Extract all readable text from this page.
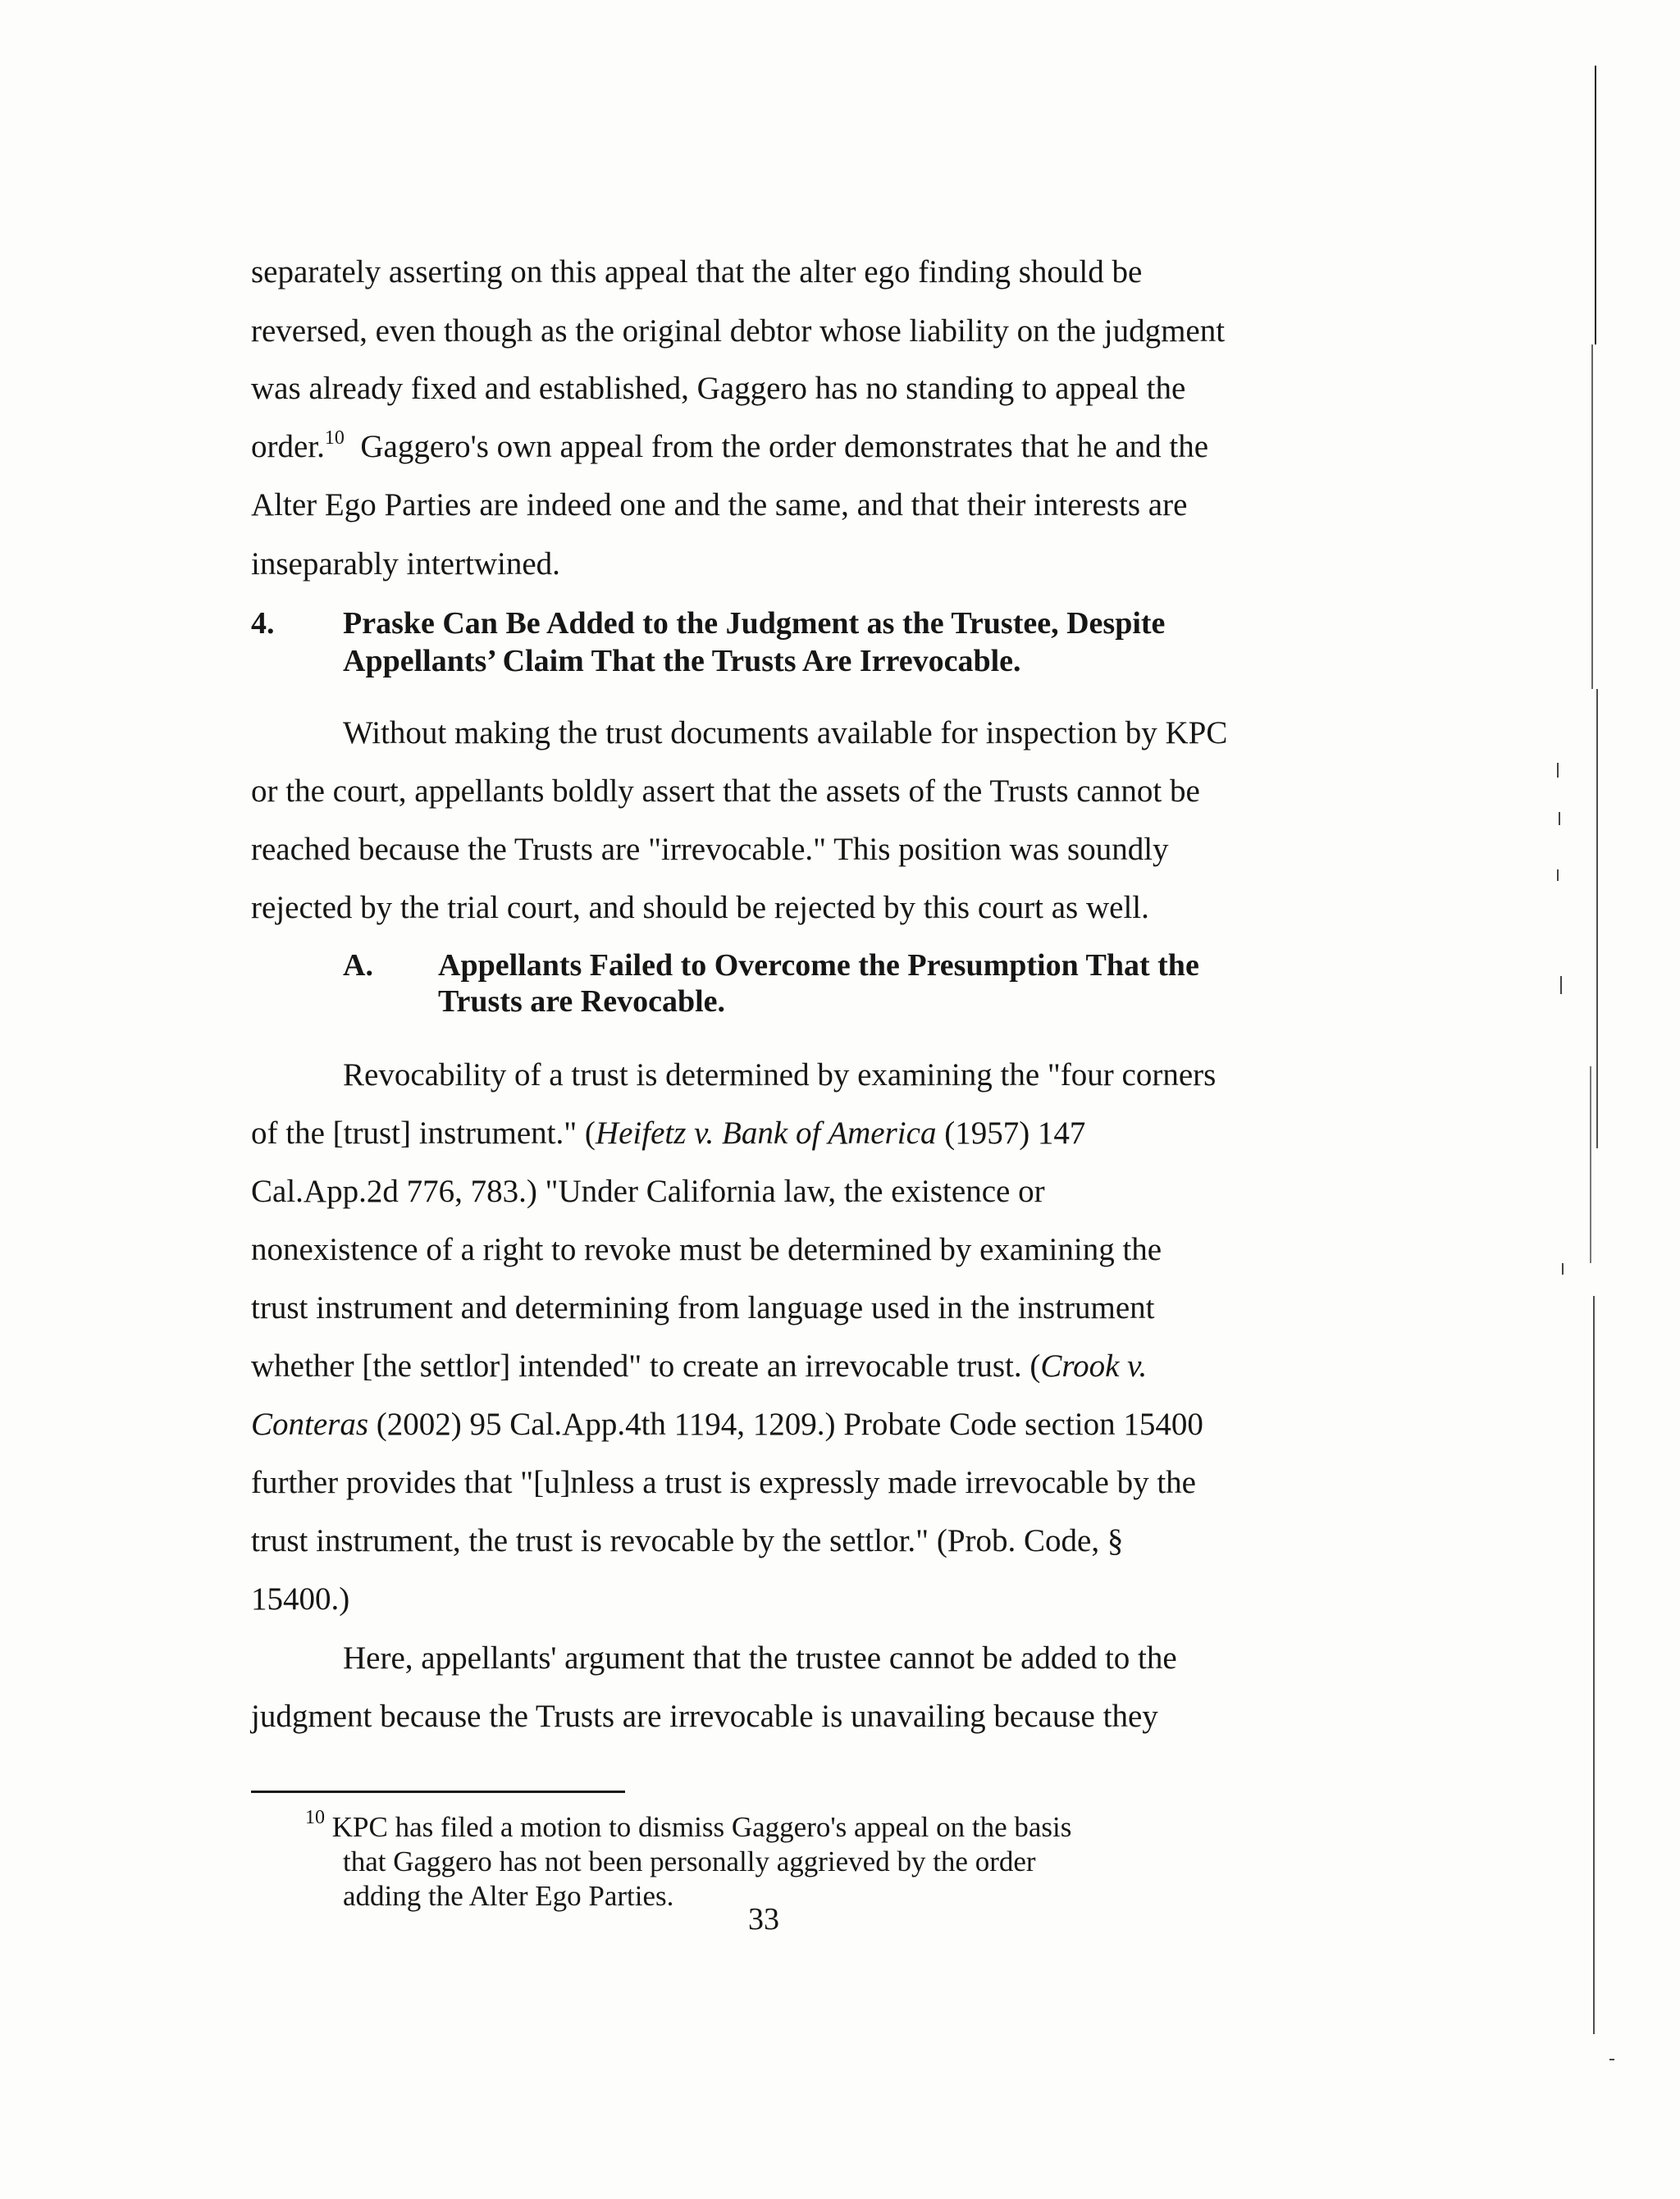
separately asserting on this appeal that the alter ego finding should be
reversed, even though as the original debtor whose liability on the judgment
was already fixed and established, Gaggero has no standing to appeal the
order.$^{10}$ Gaggero's own appeal from the order demonstrates that he and the
Alter Ego Parties are indeed one and the same, and that their interests are
inseparably intertwined.
4. Praske Can Be Added to the Judgment as the Trustee, Despite
Appellants’ Claim That the Trusts Are Irrevocable.
Without making the trust documents available for inspection by KPC
or the court, appellants boldly assert that the assets of the Trusts cannot be
reached because the Trusts are "irrevocable." This position was soundly
rejected by the trial court, and should be rejected by this court as well.
A. Appellants Failed to Overcome the Presumption That the
Trusts are Revocable.
Revocability of a trust is determined by examining the "four corners
of the [trust] instrument." (Heifetz v. Bank of America (1957) 147
Cal.App.2d 776, 783.) "Under California law, the existence or
nonexistence of a right to revoke must be determined by examining the
trust instrument and determining from language used in the instrument
whether [the settlor] intended" to create an irrevocable trust. (Crook v.
Conteras (2002) 95 Cal.App.4th 1194, 1209.) Probate Code section 15400
further provides that "[u]nless a trust is expressly made irrevocable by the
trust instrument, the trust is revocable by the settlor." (Prob. Code, §
15400.)
Here, appellants' argument that the trustee cannot be added to the
judgment because the Trusts are irrevocable is unavailing because they
$^{10}$ KPC has filed a motion to dismiss Gaggero's appeal on the basis
that Gaggero has not been personally aggrieved by the order
adding the Alter Ego Parties.
33
